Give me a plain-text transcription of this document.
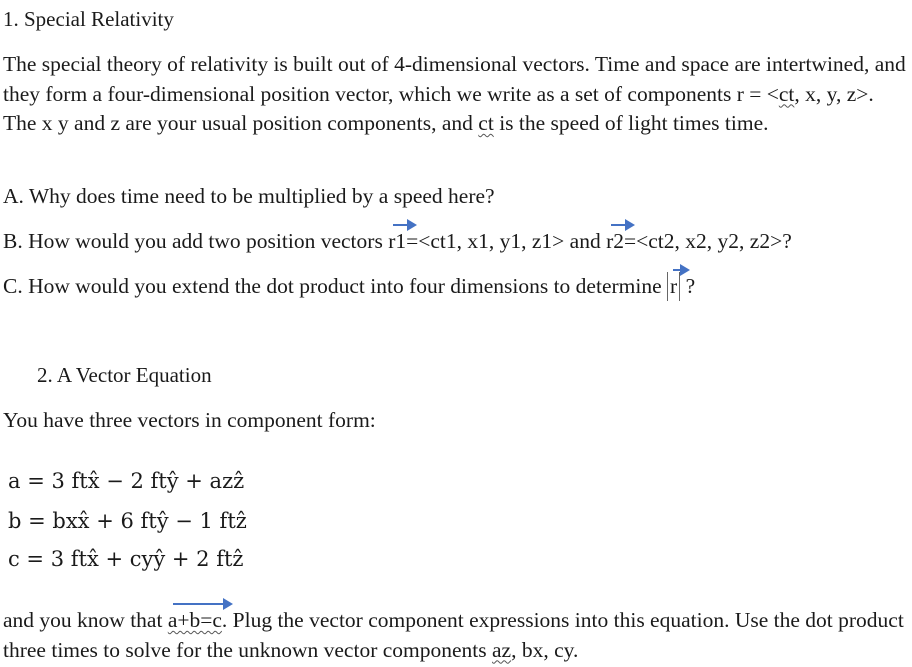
1. Special Relativity
The special theory of relativity is built out of 4-dimensional vectors. Time and space are intertwined, and they form a four-dimensional position vector, which we write as a set of components r = <ct, x, y, z>. The x y and z are your usual position components, and ct is the speed of light times time.
A. Why does time need to be multiplied by a speed here?
B. How would you add two position vectors r1=<ct1, x1, y1, z1> and r2=<ct2, x2, y2, z2>?
C. How would you extend the dot product into four dimensions to determine r ?
2. A Vector Equation
You have three vectors in component form:
a = 3 ftx̂ − 2 ftŷ + azẑ
b = bxx̂ + 6 ftŷ − 1 ftẑ
c = 3 ftx̂ + cyŷ + 2 ftẑ
and you know that a+b=c. Plug the vector component expressions into this equation. Use the dot product three times to solve for the unknown vector components az, bx, cy.
